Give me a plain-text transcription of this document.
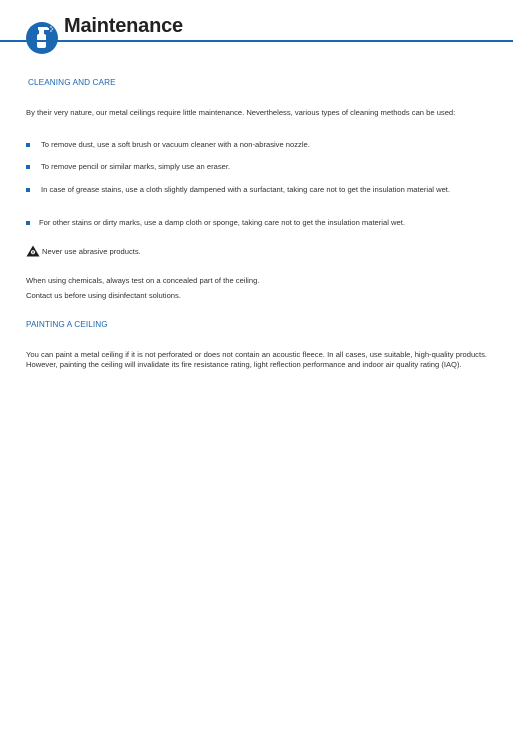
Maintenance
CLEANING AND CARE
By their very nature, our metal ceilings require little maintenance. Nevertheless, various types of cleaning methods can be used:
To remove dust, use a soft brush or vacuum cleaner with a non-abrasive nozzle.
To remove pencil or similar marks, simply use an eraser.
In case of grease stains, use a cloth slightly dampened with a surfactant, taking care not to get the insulation material wet.
For other stains or dirty marks, use a damp cloth or sponge, taking care not to get the insulation material wet.
Never use abrasive products.
When using chemicals, always test on a concealed part of the ceiling.
Contact us before using disinfectant solutions.
PAINTING A CEILING
You can paint a metal ceiling if it is not perforated or does not contain an acoustic fleece. In all cases, use suitable, high-quality products. However, painting the ceiling will invalidate its fire resistance rating, light reflection performance and indoor air quality rating (IAQ).
